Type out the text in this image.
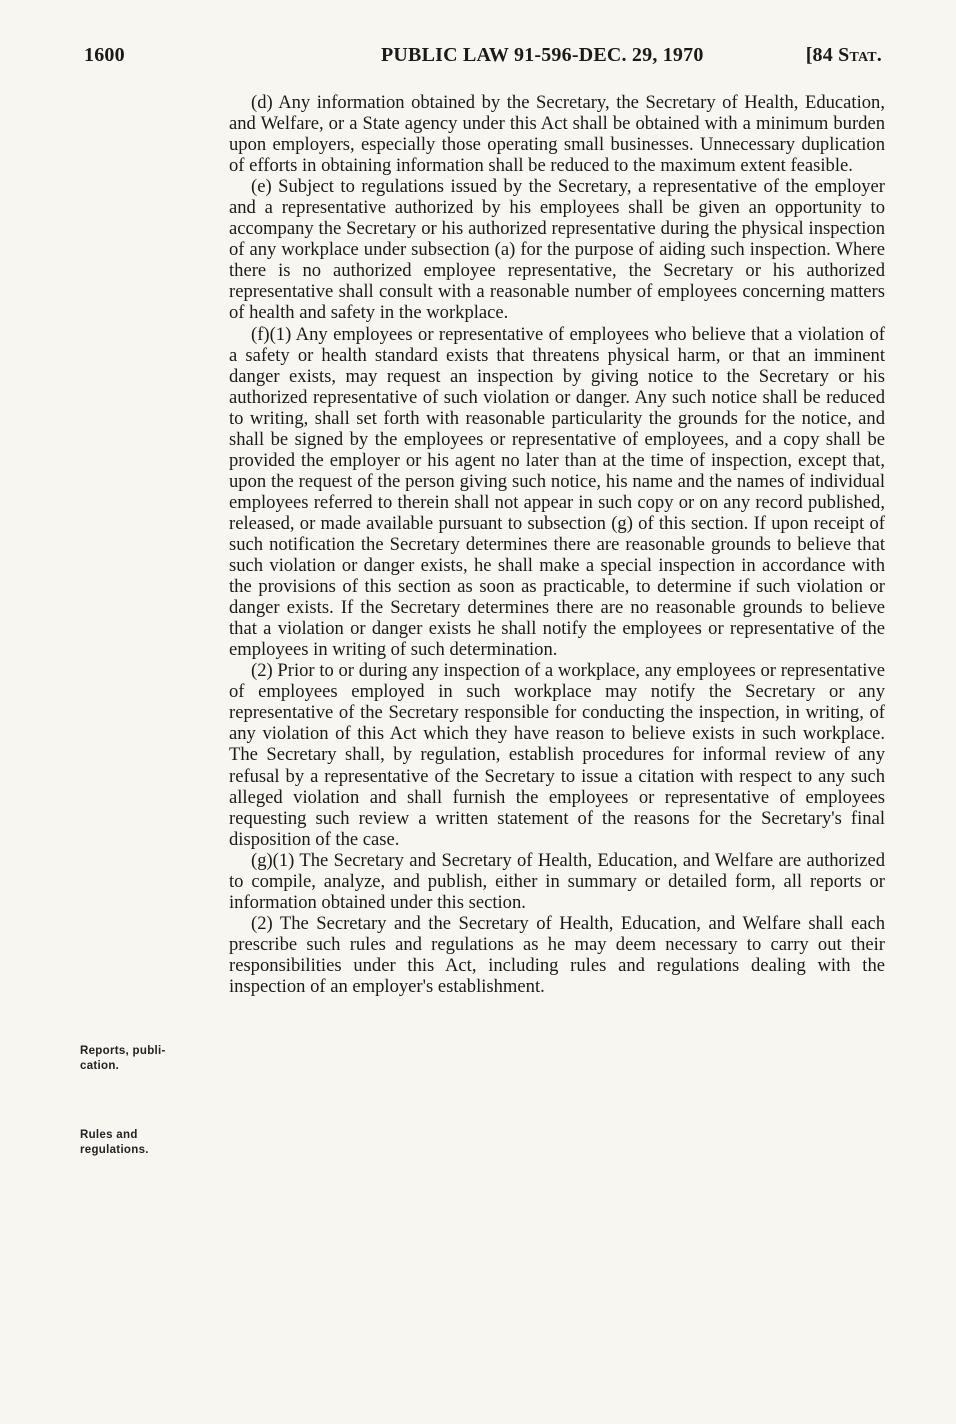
1600	PUBLIC LAW 91-596-DEC. 29, 1970	[84 Stat.

(d) Any information obtained by the Secretary, the Secretary of Health, Education, and Welfare, or a State agency under this Act shall be obtained with a minimum burden upon employers, especially those operating small businesses. Unnecessary duplication of efforts in obtaining information shall be reduced to the maximum extent feasible.

(e) Subject to regulations issued by the Secretary, a representative of the employer and a representative authorized by his employees shall be given an opportunity to accompany the Secretary or his authorized representative during the physical inspection of any workplace under subsection (a) for the purpose of aiding such inspection. Where there is no authorized employee representative, the Secretary or his authorized representative shall consult with a reasonable number of employees concerning matters of health and safety in the workplace.

(f)(1) Any employees or representative of employees who believe that a violation of a safety or health standard exists that threatens physical harm, or that an imminent danger exists, may request an inspection by giving notice to the Secretary or his authorized representative of such violation or danger. Any such notice shall be reduced to writing, shall set forth with reasonable particularity the grounds for the notice, and shall be signed by the employees or representative of employees, and a copy shall be provided the employer or his agent no later than at the time of inspection, except that, upon the request of the person giving such notice, his name and the names of individual employees referred to therein shall not appear in such copy or on any record published, released, or made available pursuant to subsection (g) of this section. If upon receipt of such notification the Secretary determines there are reasonable grounds to believe that such violation or danger exists, he shall make a special inspection in accordance with the provisions of this section as soon as practicable, to determine if such violation or danger exists. If the Secretary determines there are no reasonable grounds to believe that a violation or danger exists he shall notify the employees or representative of the employees in writing of such determination.

(2) Prior to or during any inspection of a workplace, any employees or representative of employees employed in such workplace may notify the Secretary or any representative of the Secretary responsible for conducting the inspection, in writing, of any violation of this Act which they have reason to believe exists in such workplace. The Secretary shall, by regulation, establish procedures for informal review of any refusal by a representative of the Secretary to issue a citation with respect to any such alleged violation and shall furnish the employees or representative of employees requesting such review a written statement of the reasons for the Secretary's final disposition of the case.

(g)(1) The Secretary and Secretary of Health, Education, and Welfare are authorized to compile, analyze, and publish, either in summary or detailed form, all reports or information obtained under this section.

(2) The Secretary and the Secretary of Health, Education, and Welfare shall each prescribe such rules and regulations as he may deem necessary to carry out their responsibilities under this Act, including rules and regulations dealing with the inspection of an employer's establishment.

Reports, publication.
Rules and regulations.
